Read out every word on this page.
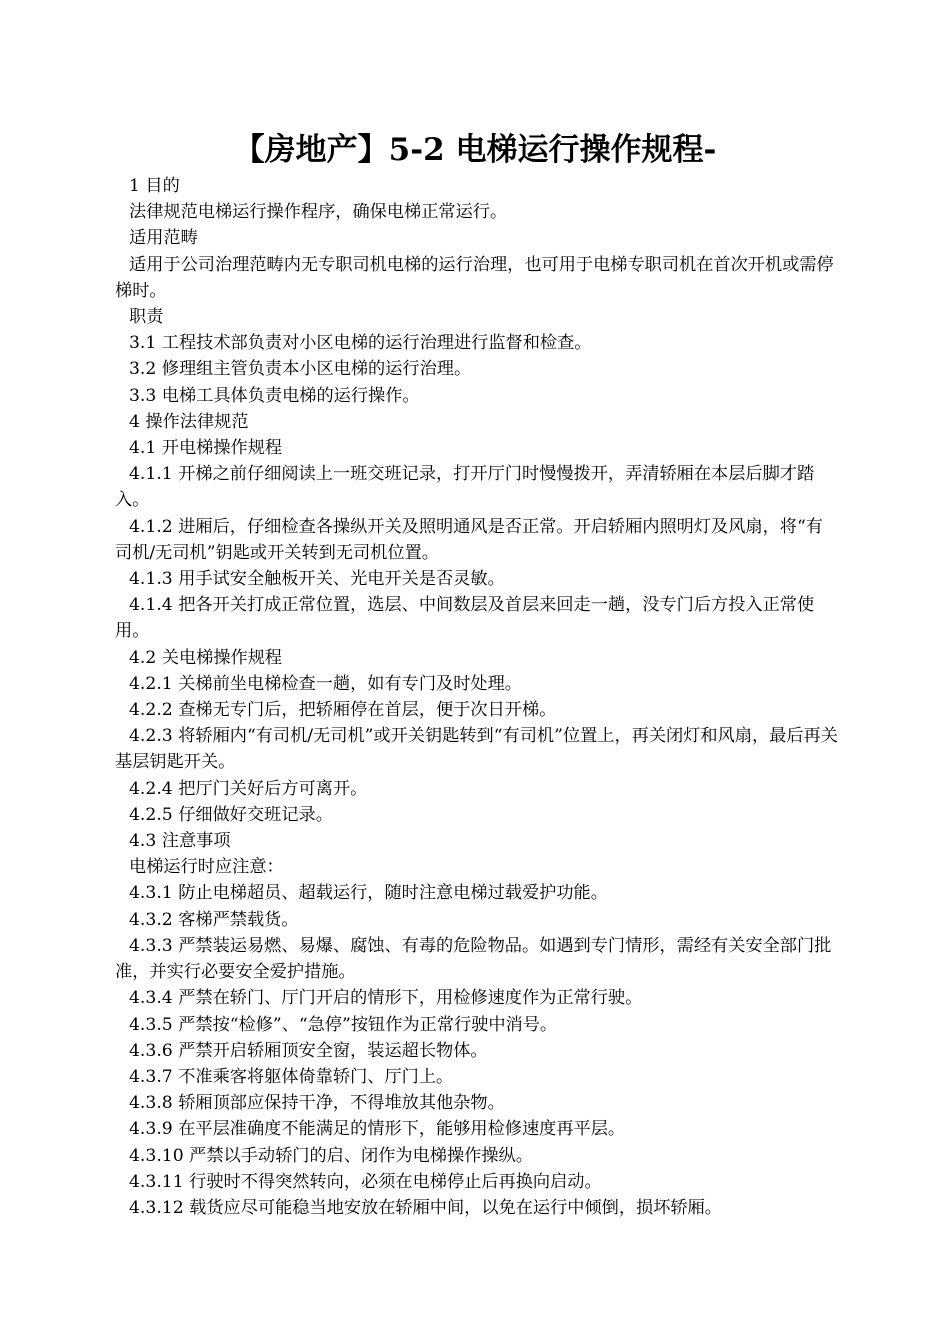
【房地产】5-2 电梯运行操作规程-

1 目的

法律规范电梯运行操作程序，确保电梯正常运行。

适用范畴

适用于公司治理范畴内无专职司机电梯的运行治理，也可用于电梯专职司机在首次开机或需停梯时。

职责

3.1 工程技术部负责对小区电梯的运行治理进行监督和检查。

3.2 修理组主管负责本小区电梯的运行治理。

3.3 电梯工具体负责电梯的运行操作。

4 操作法律规范

4.1 开电梯操作规程

4.1.1 开梯之前仔细阅读上一班交班记录，打开厅门时慢慢拨开，弄清轿厢在本层后脚才踏入。

4.1.2 进厢后，仔细检查各操纵开关及照明通风是否正常。开启轿厢内照明灯及风扇，将“有司机/无司机”钥匙或开关转到无司机位置。

4.1.3 用手试安全触板开关、光电开关是否灵敏。

4.1.4 把各开关打成正常位置，选层、中间数层及首层来回走一趟，没专门后方投入正常使用。

4.2 关电梯操作规程

4.2.1 关梯前坐电梯检查一趟，如有专门及时处理。

4.2.2 查梯无专门后，把轿厢停在首层，便于次日开梯。

4.2.3 将轿厢内“有司机/无司机”或开关钥匙转到“有司机”位置上，再关闭灯和风扇，最后再关基层钥匙开关。

4.2.4 把厅门关好后方可离开。

4.2.5 仔细做好交班记录。

4.3 注意事项

电梯运行时应注意：

4.3.1 防止电梯超员、超载运行，随时注意电梯过载爱护功能。

4.3.2 客梯严禁载货。

4.3.3 严禁装运易燃、易爆、腐蚀、有毒的危险物品。如遇到专门情形，需经有关安全部门批准，并实行必要安全爱护措施。

4.3.4 严禁在轿门、厅门开启的情形下，用检修速度作为正常行驶。

4.3.5 严禁按“检修”、“急停”按钮作为正常行驶中消号。

4.3.6 严禁开启轿厢顶安全窗，装运超长物体。

4.3.7 不准乘客将躯体倚靠轿门、厅门上。

4.3.8 轿厢顶部应保持干净，不得堆放其他杂物。

4.3.9 在平层准确度不能满足的情形下，能够用检修速度再平层。

4.3.10 严禁以手动轿门的启、闭作为电梯操作操纵。

4.3.11 行驶时不得突然转向，必须在电梯停止后再换向启动。

4.3.12 载货应尽可能稳当地安放在轿厢中间，以免在运行中倾倒，损坏轿厢。
